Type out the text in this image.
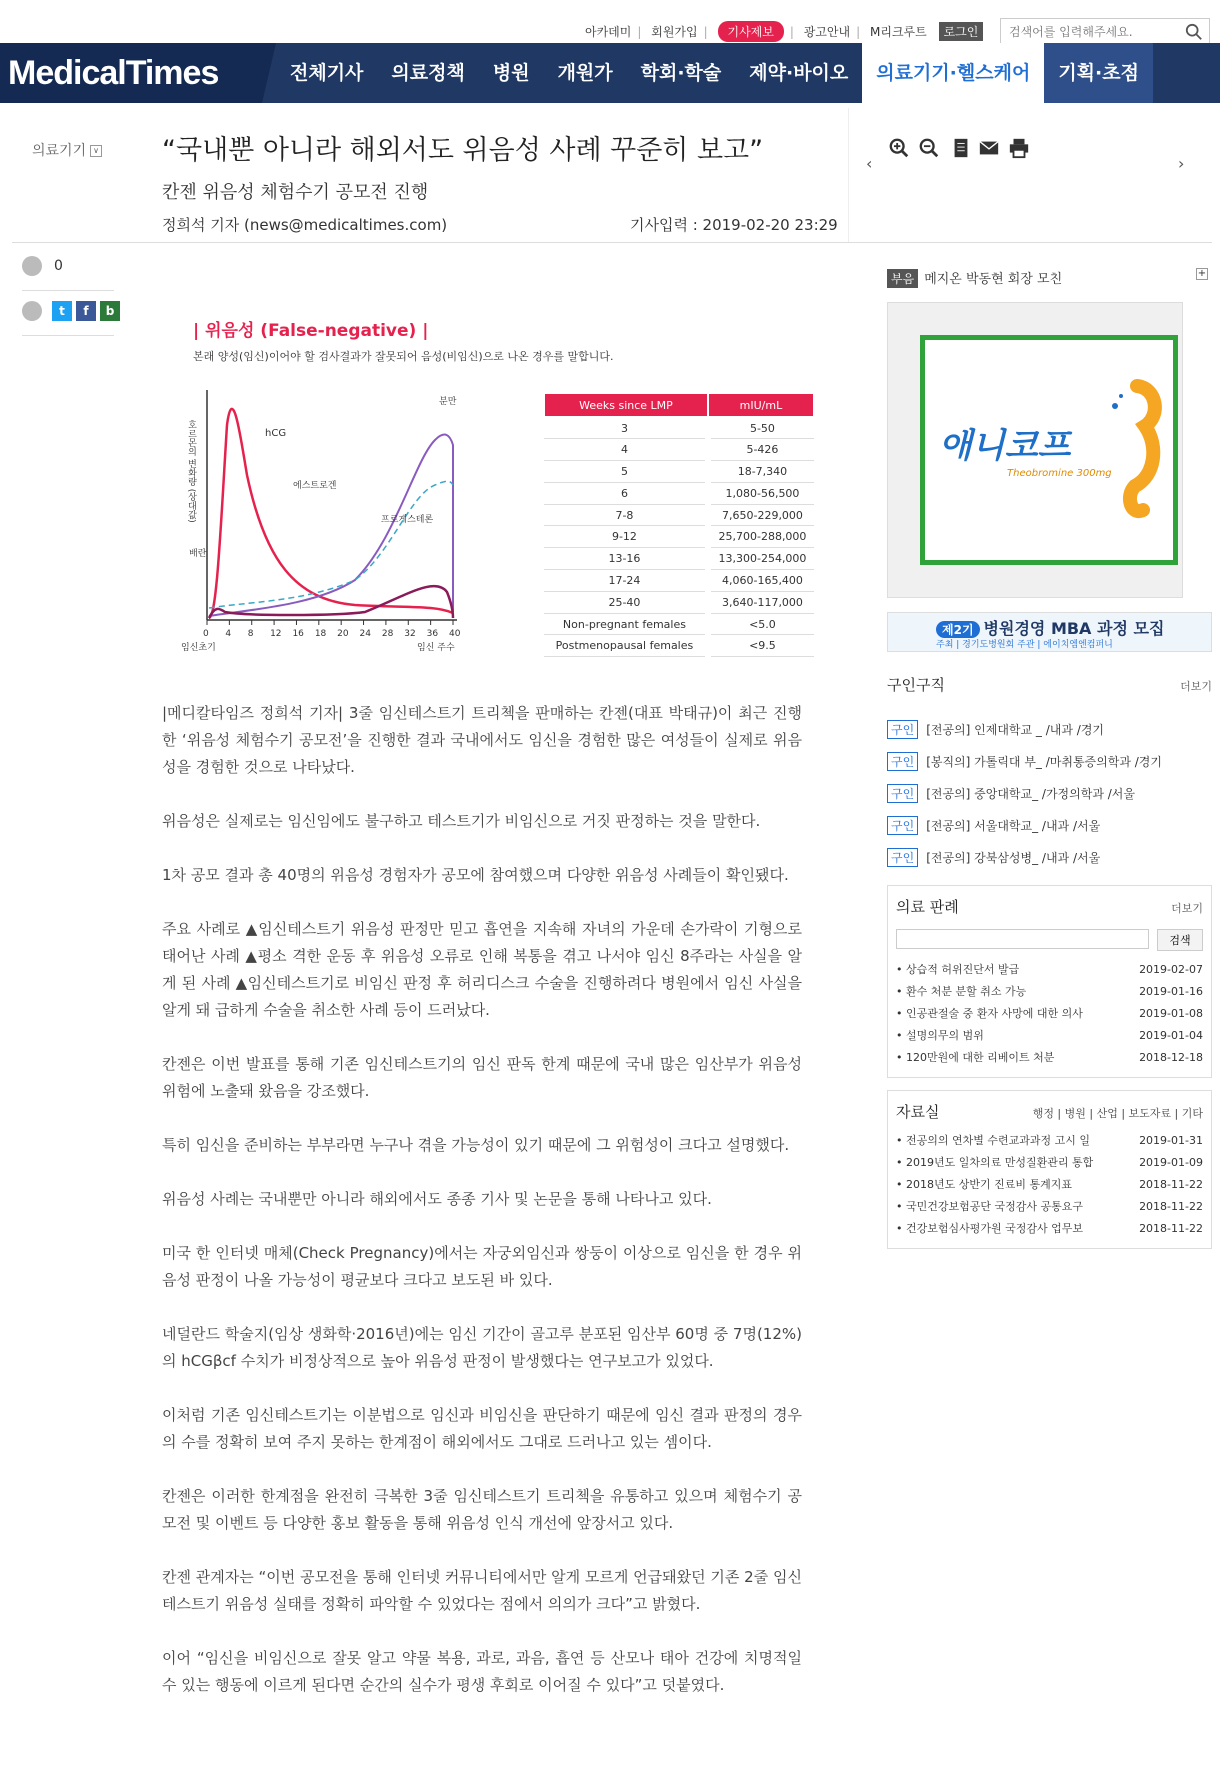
아카데미 | 회원가입 | 기사제보 | 광고안내 | M리크루트 로그인
검색어를 입력해주세요.
MedicalTimes	전체기사	의료정책	병원	개원가	학회·학술	제약·바이오	의료기기·헬스케어	기획·초점
의료기기 ∨ “국내뿐 아니라 해외서도 위음성 사례 꾸준히 보고”
칸젠 위음성 체험수기 공모전 진행
정희석 기자 (news@medicaltimes.com)	기사입력 : 2019-02-20 23:29
‹	›
0
t	f	b
| 위음성 (False-negative) |
본래 양성(임신)이어야 할 검사결과가 잘못되어 음성(비임신)으로 나온 경우를 말합니다.
호르몬의 변화량 (상대값)
0 4 8 12 16 18 20 24 28 32 36 40
hCG
에스트로겐
프로게스테론
배란
분만
임신초기	임신 주수
Weeks since LMP	mIU/mL
3	5-50
4	5-426
5	18-7,340
6	1,080-56,500
7-8	7,650-229,000
9-12	25,700-288,000
13-16	13,300-254,000
17-24	4,060-165,400
25-40	3,640-117,000
Non-pregnant females	<5.0
Postmenopausal females	<9.5

|메디칼타임즈 정희석 기자| 3줄 임신테스트기 트리첵을 판매하는 칸젠(대표 박태규)이 최근 진행한 ‘위음성 체험수기 공모전’을 진행한 결과 국내에서도 임신을 경험한 많은 여성들이 실제로 위음성을 경험한 것으로 나타났다.

위음성은 실제로는 임신임에도 불구하고 테스트기가 비임신으로 거짓 판정하는 것을 말한다.

1차 공모 결과 총 40명의 위음성 경험자가 공모에 참여했으며 다양한 위음성 사례들이 확인됐다.

주요 사례로 ▲임신테스트기 위음성 판정만 믿고 흡연을 지속해 자녀의 가운데 손가락이 기형으로 태어난 사례 ▲평소 격한 운동 후 위음성 오류로 인해 복통을 겪고 나서야 임신 8주라는 사실을 알게 된 사례 ▲임신테스트기로 비임신 판정 후 허리디스크 수술을 진행하려다 병원에서 임신 사실을 알게 돼 급하게 수술을 취소한 사례 등이 드러났다.

칸젠은 이번 발표를 통해 기존 임신테스트기의 임신 판독 한계 때문에 국내 많은 임산부가 위음성 위험에 노출돼 왔음을 강조했다.

특히 임신을 준비하는 부부라면 누구나 겪을 가능성이 있기 때문에 그 위험성이 크다고 설명했다.

위음성 사례는 국내뿐만 아니라 해외에서도 종종 기사 및 논문을 통해 나타나고 있다.

미국 한 인터넷 매체(Check Pregnancy)에서는 자궁외임신과 쌍둥이 이상으로 임신을 한 경우 위음성 판정이 나올 가능성이 평균보다 크다고 보도된 바 있다.

네덜란드 학술지(임상 생화학·2016년)에는 임신 기간이 골고루 분포된 임산부 60명 중 7명(12%)의 hCGβcf 수치가 비정상적으로 높아 위음성 판정이 발생했다는 연구보고가 있었다.

이처럼 기존 임신테스트기는 이분법으로 임신과 비임신을 판단하기 때문에 임신 결과 판정의 경우의 수를 정확히 보여 주지 못하는 한계점이 해외에서도 그대로 드러나고 있는 셈이다.

칸젠은 이러한 한계점을 완전히 극복한 3줄 임신테스트기 트리첵을 유통하고 있으며 체험수기 공모전 및 이벤트 등 다양한 홍보 활동을 통해 위음성 인식 개선에 앞장서고 있다.

칸젠 관계자는 “이번 공모전을 통해 인터넷 커뮤니티에서만 알게 모르게 언급돼왔던 기존 2줄 임신테스트기 위음성 실태를 정확히 파악할 수 있었다는 점에서 의의가 크다”고 밝혔다.

이어 “임신을 비임신으로 잘못 알고 약물 복용, 과로, 과음, 흡연 등 산모나 태아 건강에 치명적일 수 있는 행동에 이르게 된다면 순간의 실수가 평생 후회로 이어질 수 있다”고 덧붙였다.

부음 메지온 박동현 회장 모친	+
애니코프
Theobromine 300mg
제2기 병원경영 MBA 과정 모집
주최 | 경기도병원회 주관 | 에이치엠엔컴퍼니
구인구직	더보기
구인	[전공의] 인제대학교 _ /내과 /경기
구인	[봉직의] 가톨릭대 부_ /마취통증의학과 /경기
구인	[전공의] 중앙대학교_ /가정의학과 /서울
구인	[전공의] 서울대학교_ /내과 /서울
구인	[전공의] 강북삼성병_ /내과 /서울
의료 판례	더보기
검색
• 상습적 허위진단서 발급	2019-02-07
• 환수 처분 분할 취소 가능	2019-01-16
• 인공관절술 중 환자 사망에 대한 의사	2019-01-08
• 설명의무의 범위	2019-01-04
• 120만원에 대한 리베이트 처분	2018-12-18
자료실	행정 | 병원 | 산업 | 보도자료 | 기타
• 전공의의 연차별 수련교과과정 고시 일	2019-01-31
• 2019년도 일차의료 만성질환관리 통합	2019-01-09
• 2018년도 상반기 진료비 통계지표	2018-11-22
• 국민건강보험공단 국정감사 공통요구	2018-11-22
• 건강보험심사평가원 국정감사 업무보	2018-11-22
